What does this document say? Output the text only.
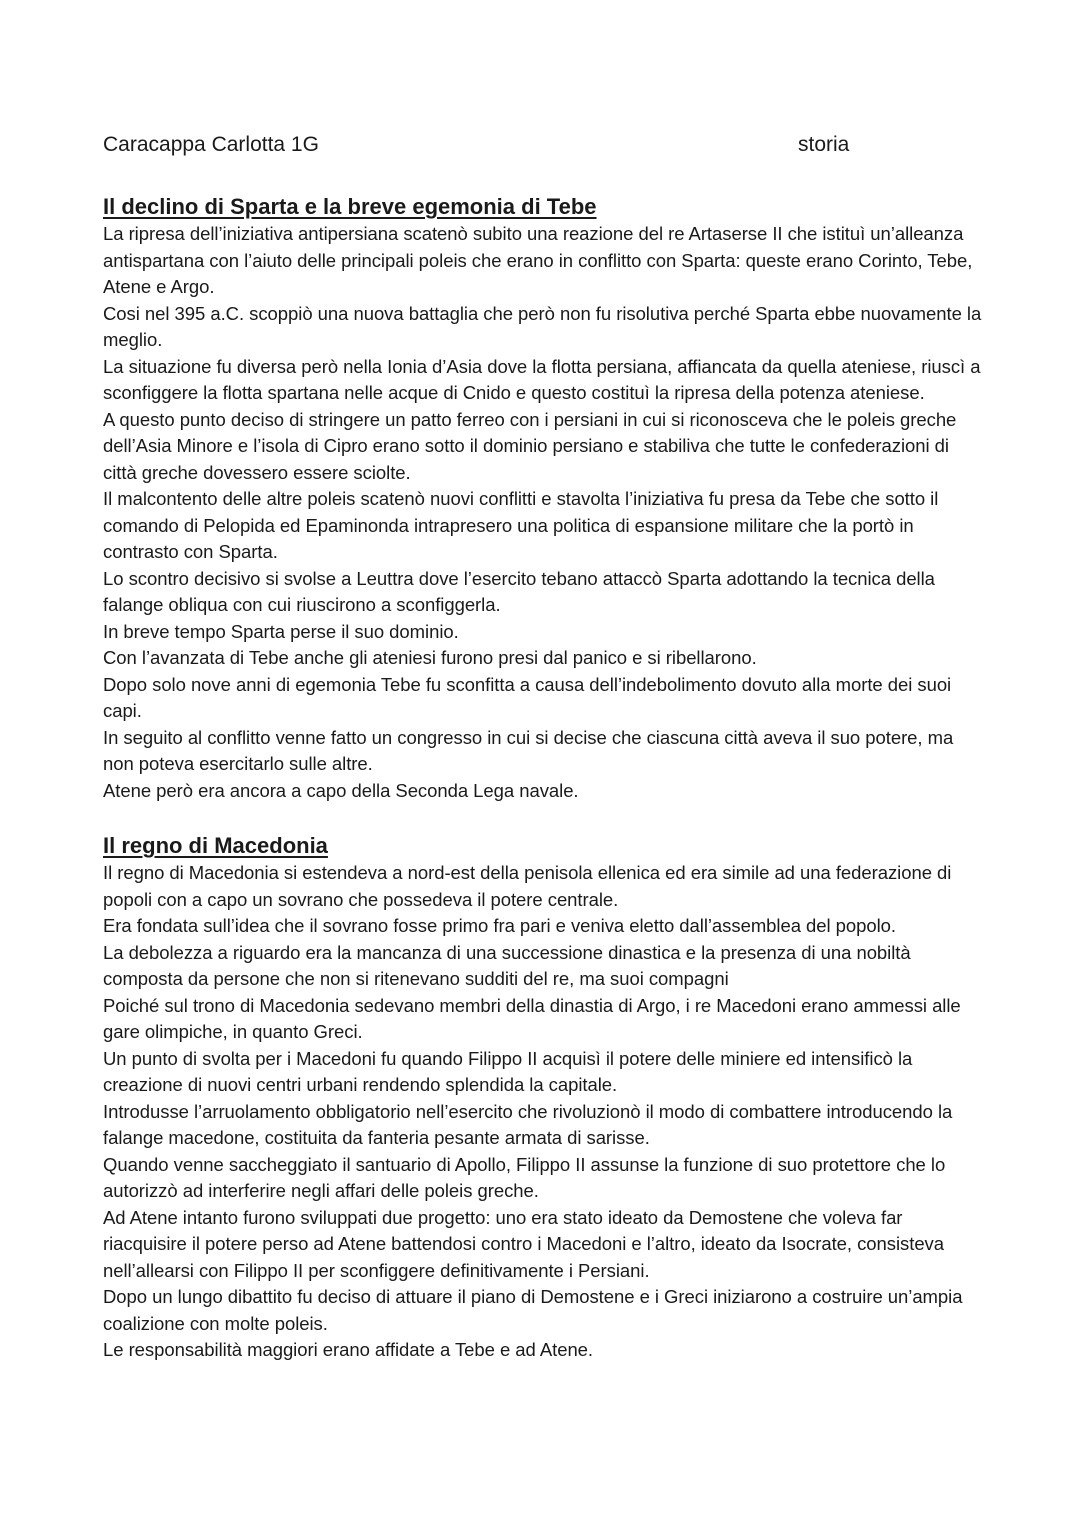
Caracappa Carlotta 1G	storia
Il declino di Sparta e la breve egemonia di Tebe

La ripresa dell’iniziativa antipersiana scatenò subito una reazione del re Artaserse II che istituì un’alleanza antispartana con l’aiuto delle principali poleis che erano in conflitto con Sparta: queste erano Corinto, Tebe, Atene e Argo.

Cosi nel 395 a.C. scoppiò una nuova battaglia che però non fu risolutiva perché Sparta ebbe nuovamente la meglio.

La situazione fu diversa però nella Ionia d’Asia dove la flotta persiana, affiancata da quella ateniese, riuscì a sconfiggere la flotta spartana nelle acque di Cnido e questo costituì la ripresa della potenza ateniese.

A questo punto deciso di stringere un patto ferreo con i persiani in cui si riconosceva che le poleis greche dell’Asia Minore e l’isola di Cipro erano sotto il dominio persiano e stabiliva che tutte le confederazioni di città greche dovessero essere sciolte.

Il malcontento delle altre poleis scatenò nuovi conflitti e stavolta l’iniziativa fu presa da Tebe che sotto il comando di Pelopida ed Epaminonda intrapresero una politica di espansione militare che la portò in contrasto con Sparta.

Lo scontro decisivo si svolse a Leuttra dove l’esercito tebano attaccò Sparta adottando la tecnica della falange obliqua con cui riuscirono a sconfiggerla.

In breve tempo Sparta perse il suo dominio.

Con l’avanzata di Tebe anche gli ateniesi furono presi dal panico e si ribellarono.

Dopo solo nove anni di egemonia Tebe fu sconfitta a causa dell’indebolimento dovuto alla morte dei suoi capi.

In seguito al conflitto venne fatto un congresso in cui si decise che ciascuna città aveva il suo potere, ma non poteva esercitarlo sulle altre.

Atene però era ancora a capo della Seconda Lega navale.

Il regno di Macedonia

Il regno di Macedonia si estendeva a nord-est della penisola ellenica ed era simile ad una federazione di popoli con a capo un sovrano che possedeva il potere centrale.

Era fondata sull’idea che il sovrano fosse primo fra pari e veniva eletto dall’assemblea del popolo.

La debolezza a riguardo era la mancanza di una successione dinastica e la presenza di una nobiltà composta da persone che non si ritenevano sudditi del re, ma suoi compagni

Poiché sul trono di Macedonia sedevano membri della dinastia di Argo, i re Macedoni erano ammessi alle gare olimpiche, in quanto Greci.

Un punto di svolta per i Macedoni fu quando Filippo II acquisì il potere delle miniere ed intensificò la creazione di nuovi centri urbani rendendo splendida la capitale.

Introdusse l’arruolamento obbligatorio nell’esercito che rivoluzionò il modo di combattere introducendo la falange macedone, costituita da fanteria pesante armata di sarisse.

Quando venne saccheggiato il santuario di Apollo, Filippo II assunse la funzione di suo protettore che lo autorizzò ad interferire negli affari delle poleis greche.

Ad Atene intanto furono sviluppati due progetto: uno era stato ideato da Demostene che voleva far riacquisire il potere perso ad Atene battendosi contro i Macedoni e l’altro, ideato da Isocrate, consisteva nell’allearsi con Filippo II per sconfiggere definitivamente i Persiani.

Dopo un lungo dibattito fu deciso di attuare il piano di Demostene e i Greci iniziarono a costruire un’ampia coalizione con molte poleis.

Le responsabilità maggiori erano affidate a Tebe e ad Atene.
